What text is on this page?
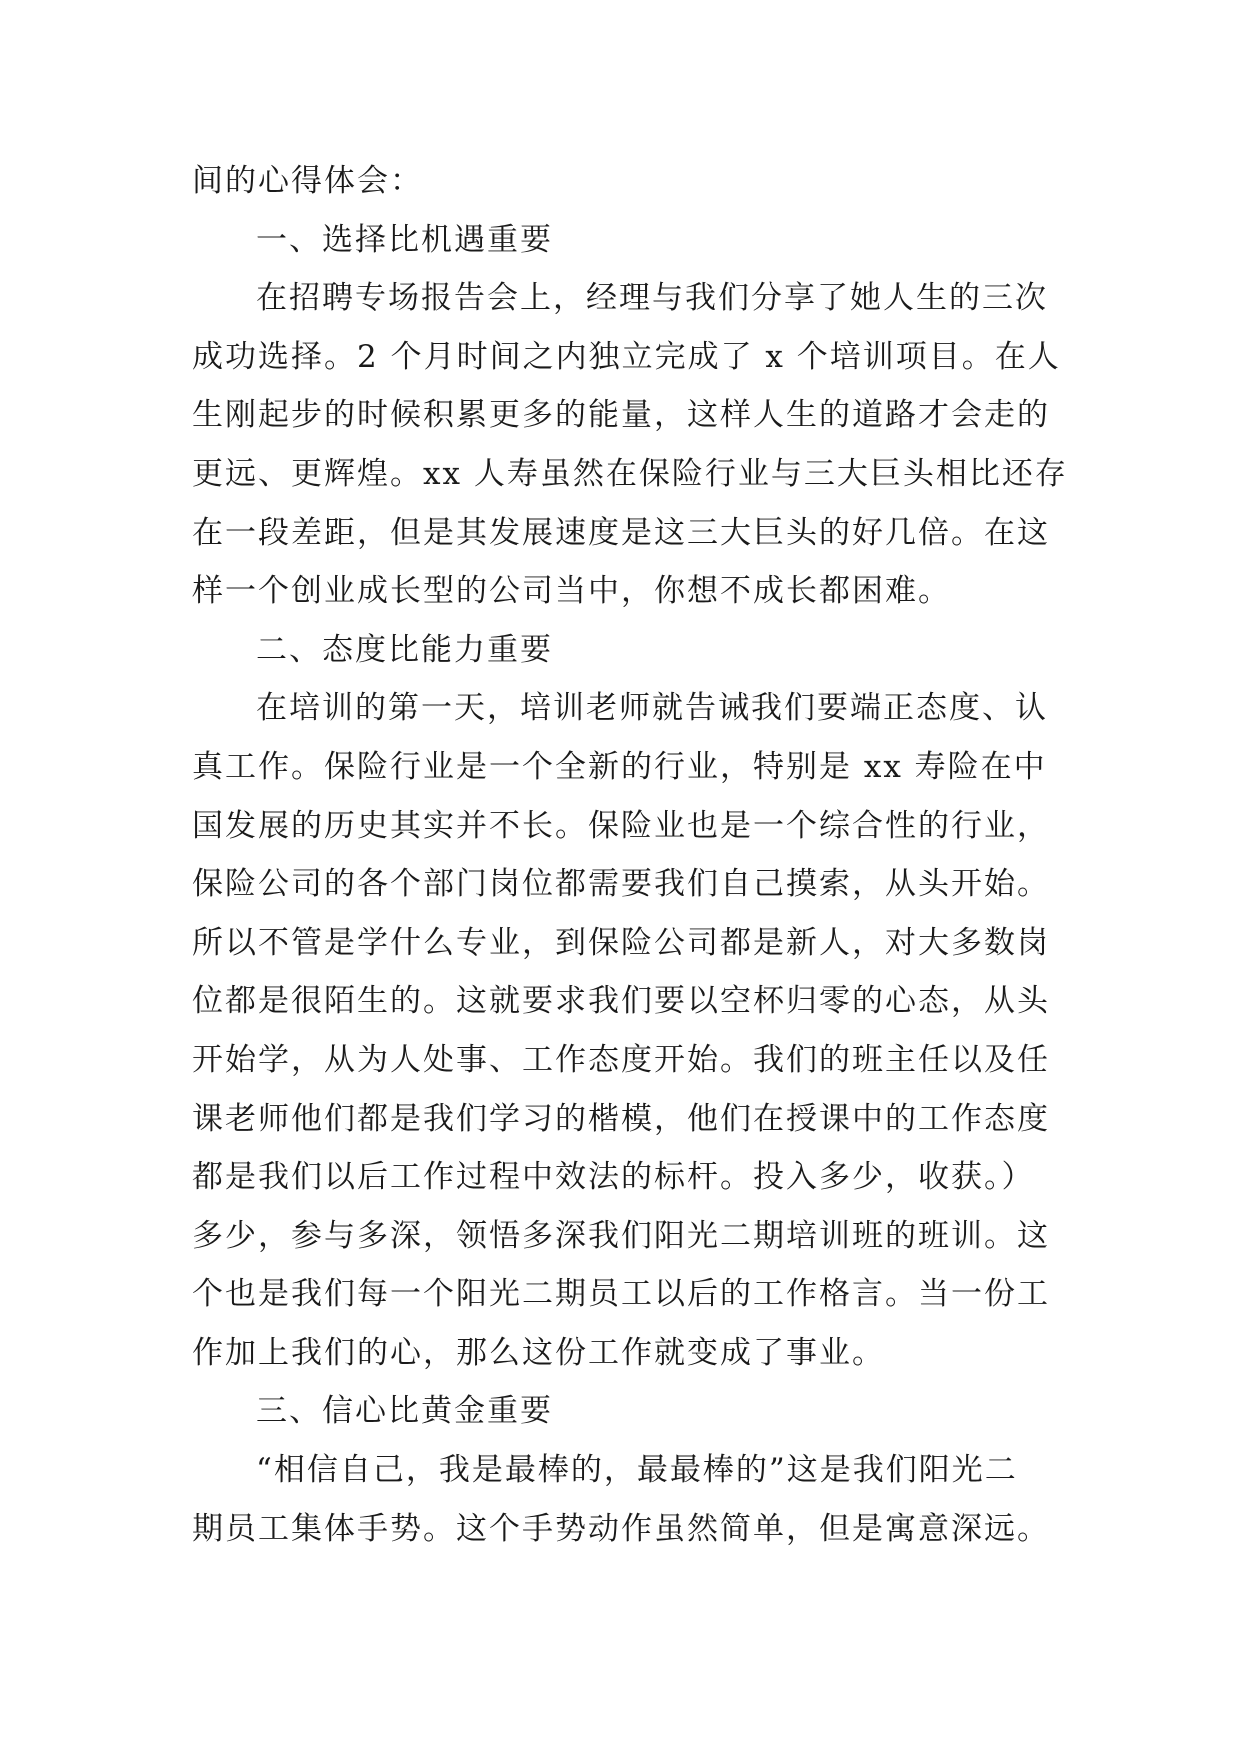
间的心得体会：
一、选择比机遇重要
在招聘专场报告会上，经理与我们分享了她人生的三次
成功选择。2 个月时间之内独立完成了 x 个培训项目。在人
生刚起步的时候积累更多的能量，这样人生的道路才会走的
更远、更辉煌。xx 人寿虽然在保险行业与三大巨头相比还存
在一段差距，但是其发展速度是这三大巨头的好几倍。在这
样一个创业成长型的公司当中，你想不成长都困难。
二、态度比能力重要
在培训的第一天，培训老师就告诫我们要端正态度、认
真工作。保险行业是一个全新的行业，特别是 xx 寿险在中
国发展的历史其实并不长。保险业也是一个综合性的行业，
保险公司的各个部门岗位都需要我们自己摸索，从头开始。
所以不管是学什么专业，到保险公司都是新人，对大多数岗
位都是很陌生的。这就要求我们要以空杯归零的心态，从头
开始学，从为人处事、工作态度开始。我们的班主任以及任
课老师他们都是我们学习的楷模，他们在授课中的工作态度
都是我们以后工作过程中效法的标杆。投入多少，收获。）
多少，参与多深，领悟多深我们阳光二期培训班的班训。这
个也是我们每一个阳光二期员工以后的工作格言。当一份工
作加上我们的心，那么这份工作就变成了事业。
三、信心比黄金重要
“相信自己，我是最棒的，最最棒的”这是我们阳光二
期员工集体手势。这个手势动作虽然简单，但是寓意深远。
